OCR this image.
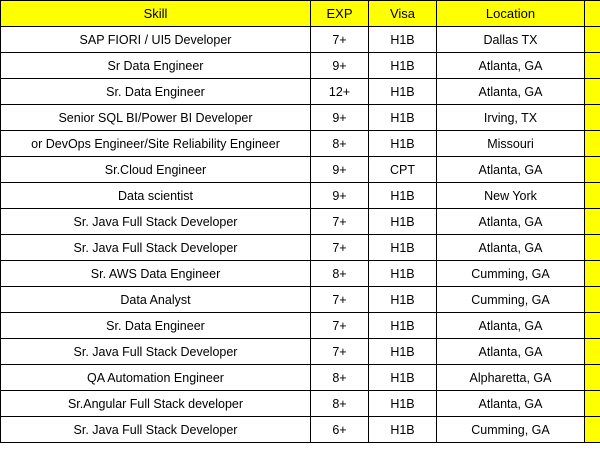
Skill	EXP	Visa	Location	
SAP FIORI / UI5 Developer	7+	H1B	Dallas TX	
Sr Data Engineer	9+	H1B	Atlanta, GA	
Sr. Data Engineer	12+	H1B	Atlanta, GA	
Senior SQL BI/Power BI Developer	9+	H1B	Irving, TX	
or DevOps Engineer/Site Reliability Engineer	8+	H1B	Missouri	
Sr.Cloud Engineer	9+	CPT	Atlanta, GA	
Data scientist	9+	H1B	New York	
Sr. Java Full Stack Developer	7+	H1B	Atlanta, GA	
Sr. Java Full Stack Developer	7+	H1B	Atlanta, GA	
Sr. AWS Data Engineer	8+	H1B	Cumming, GA	
Data Analyst	7+	H1B	Cumming, GA	
Sr. Data Engineer	7+	H1B	Atlanta, GA	
Sr. Java Full Stack Developer	7+	H1B	Atlanta, GA	
QA Automation Engineer	8+	H1B	Alpharetta, GA	
Sr.Angular Full Stack developer	8+	H1B	Atlanta, GA	
Sr. Java Full Stack Developer	6+	H1B	Cumming, GA	
